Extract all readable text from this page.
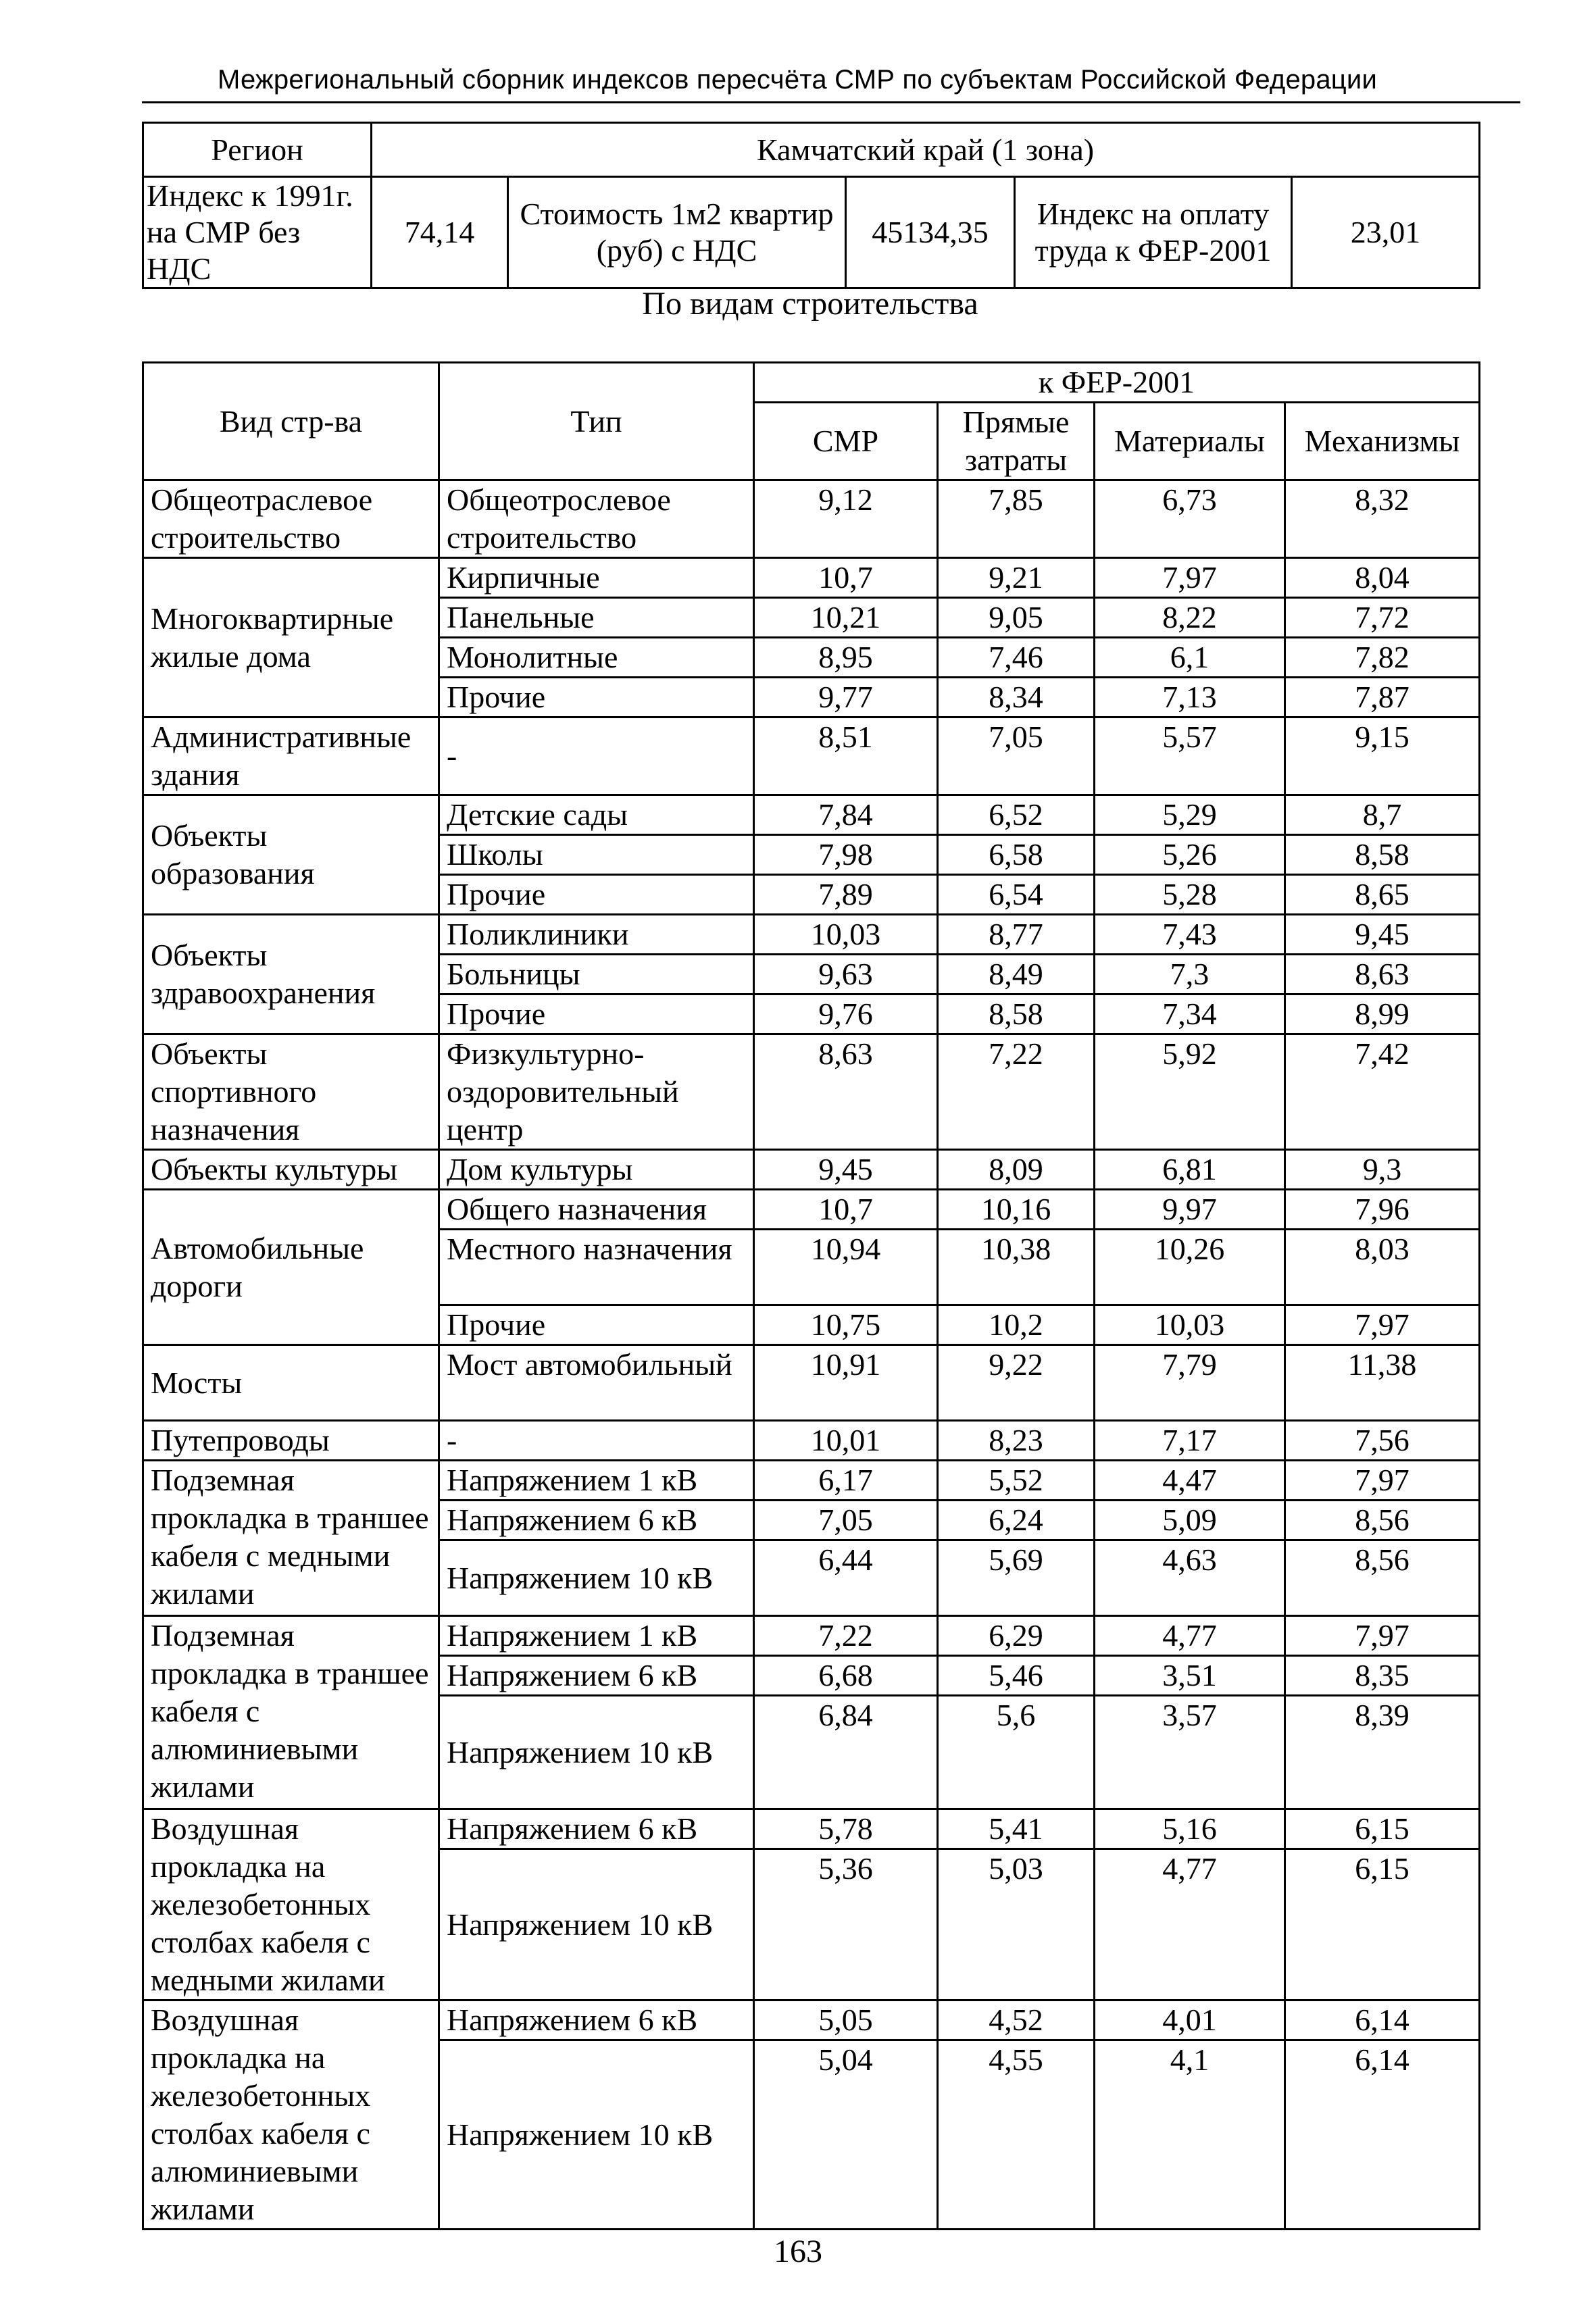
Межрегиональный сборник индексов пересчёта СМР по субъектам Российской Федерации
Регион	Камчатский край (1 зона)				
Индекс к 1991г. на СМР без НДС	74,14	Стоимость 1м2 квартир (руб) с НДС	45134,35	Индекс на оплату труда к ФЕР-2001	23,01
По видам строительства
Вид стр-ва	Тип	к ФЕР-2001			
		СМР	Прямые затраты	Материалы	Механизмы
Общеотраслевое строительство	Общеотрослевое строительство	9,12	7,85	6,73	8,32
Многоквартирные жилые дома	Кирпичные	10,7	9,21	7,97	8,04
	Панельные	10,21	9,05	8,22	7,72
	Монолитные	8,95	7,46	6,1	7,82
	Прочие	9,77	8,34	7,13	7,87
Административные здания	-	8,51	7,05	5,57	9,15
Объекты образования	Детские сады	7,84	6,52	5,29	8,7
	Школы	7,98	6,58	5,26	8,58
	Прочие	7,89	6,54	5,28	8,65
Объекты здравоохранения	Поликлиники	10,03	8,77	7,43	9,45
	Больницы	9,63	8,49	7,3	8,63
	Прочие	9,76	8,58	7,34	8,99
Объекты спортивного назначения	Физкультурно-оздоровительный центр	8,63	7,22	5,92	7,42
Объекты культуры	Дом культуры	9,45	8,09	6,81	9,3
Автомобильные дороги	Общего назначения	10,7	10,16	9,97	7,96
	Местного назначения	10,94	10,38	10,26	8,03
	Прочие	10,75	10,2	10,03	7,97
Мосты	Мост автомобильный	10,91	9,22	7,79	11,38
Путепроводы	-	10,01	8,23	7,17	7,56
Подземная прокладка в траншее кабеля с медными жилами	Напряжением 1 кВ	6,17	5,52	4,47	7,97
	Напряжением 6 кВ	7,05	6,24	5,09	8,56
	Напряжением 10 кВ	6,44	5,69	4,63	8,56
Подземная прокладка в траншее кабеля с алюминиевыми жилами	Напряжением 1 кВ	7,22	6,29	4,77	7,97
	Напряжением 6 кВ	6,68	5,46	3,51	8,35
	Напряжением 10 кВ	6,84	5,6	3,57	8,39
Воздушная прокладка на железобетонных столбах кабеля с медными жилами	Напряжением 6 кВ	5,78	5,41	5,16	6,15
	Напряжением 10 кВ	5,36	5,03	4,77	6,15
Воздушная прокладка на железобетонных столбах кабеля с алюминиевыми жилами	Напряжением 6 кВ	5,05	4,52	4,01	6,14
	Напряжением 10 кВ	5,04	4,55	4,1	6,14
163
